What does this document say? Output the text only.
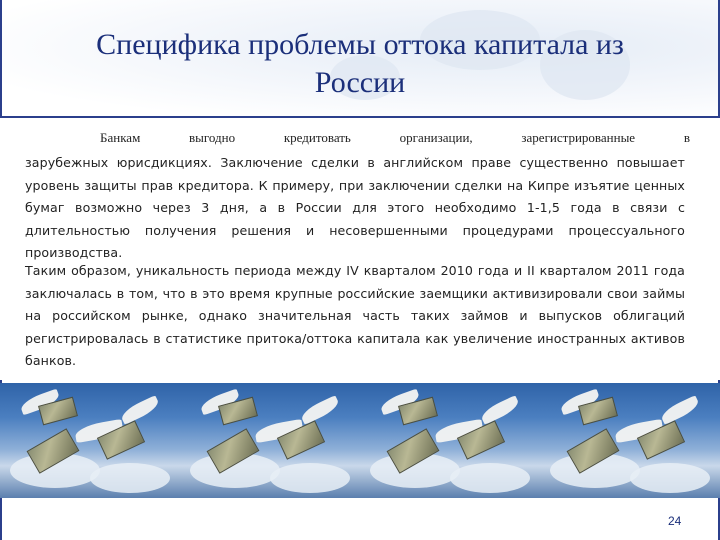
Специфика проблемы оттока капитала из России
Банкам	выгодно	кредитовать	организации,	зарегистрированные	в
зарубежных юрисдикциях. Заключение сделки в английском праве существенно повышает уровень защиты прав кредитора. К примеру, при заключении сделки на Кипре изъятие ценных бумаг возможно через 3 дня, а в России для этого необходимо 1-1,5 года в связи с длительностью получения решения и несовершенными процедурами процессуального производства.
Таким образом, уникальность периода между IV кварталом 2010 года и II кварталом 2011 года заключалась в том, что в это время крупные российские заемщики активизировали свои займы на российском рынке, однако значительная часть таких займов и выпусков облигаций регистрировалась в статистике притока/оттока капитала как увеличение иностранных активов банков.
24
